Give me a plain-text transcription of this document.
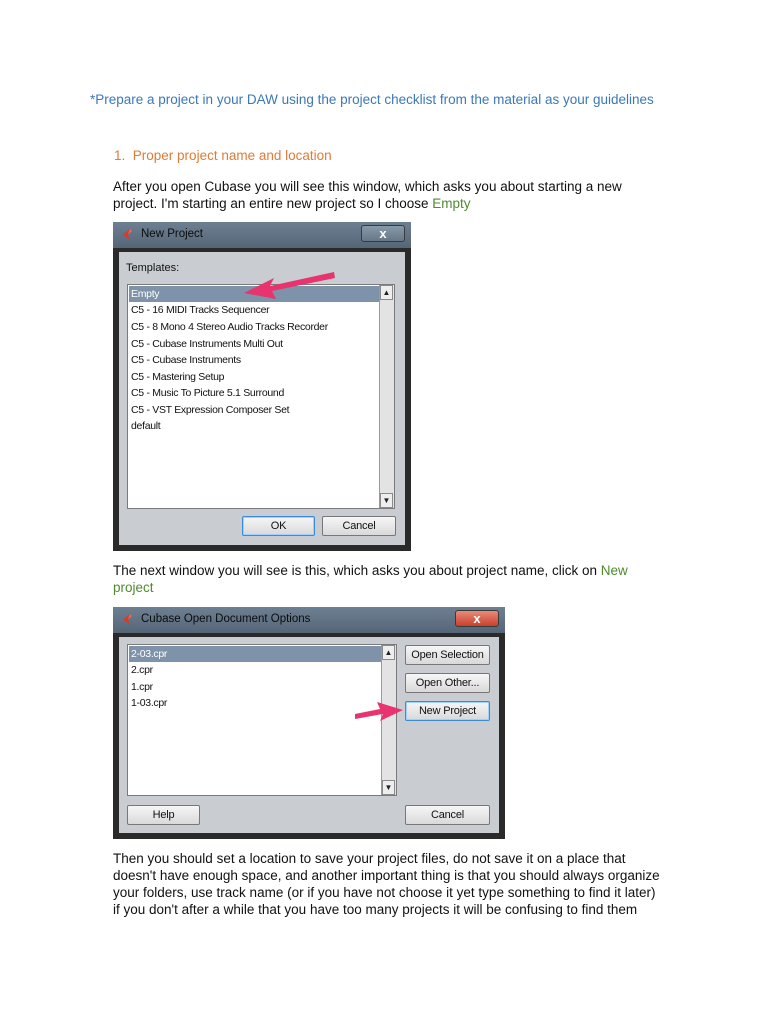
*Prepare a project in your DAW using the project checklist from the material as your guidelines
1. Proper project name and location
After you open Cubase you will see this window, which asks you about starting a new
project. I'm starting an entire new project so I choose Empty
New Project	x
Templates:
Empty
C5 - 16 MIDI Tracks Sequencer
C5 - 8 Mono 4 Stereo Audio Tracks Recorder
C5 - Cubase Instruments Multi Out
C5 - Cubase Instruments
C5 - Mastering Setup
C5 - Music To Picture 5.1 Surround
C5 - VST Expression Composer Set
default
▲
▼
OK	Cancel
The next window you will see is this, which asks you about project name, click on New
project
Cubase Open Document Options	x
2-03.cpr
2.cpr
1.cpr
1-03.cpr
▲
▼
Open Selection
Open Other...
New Project
Help	Cancel
Then you should set a location to save your project files, do not save it on a place that
doesn't have enough space, and another important thing is that you should always organize
your folders, use track name (or if you have not choose it yet type something to find it later)
if you don't after a while that you have too many projects it will be confusing to find them
